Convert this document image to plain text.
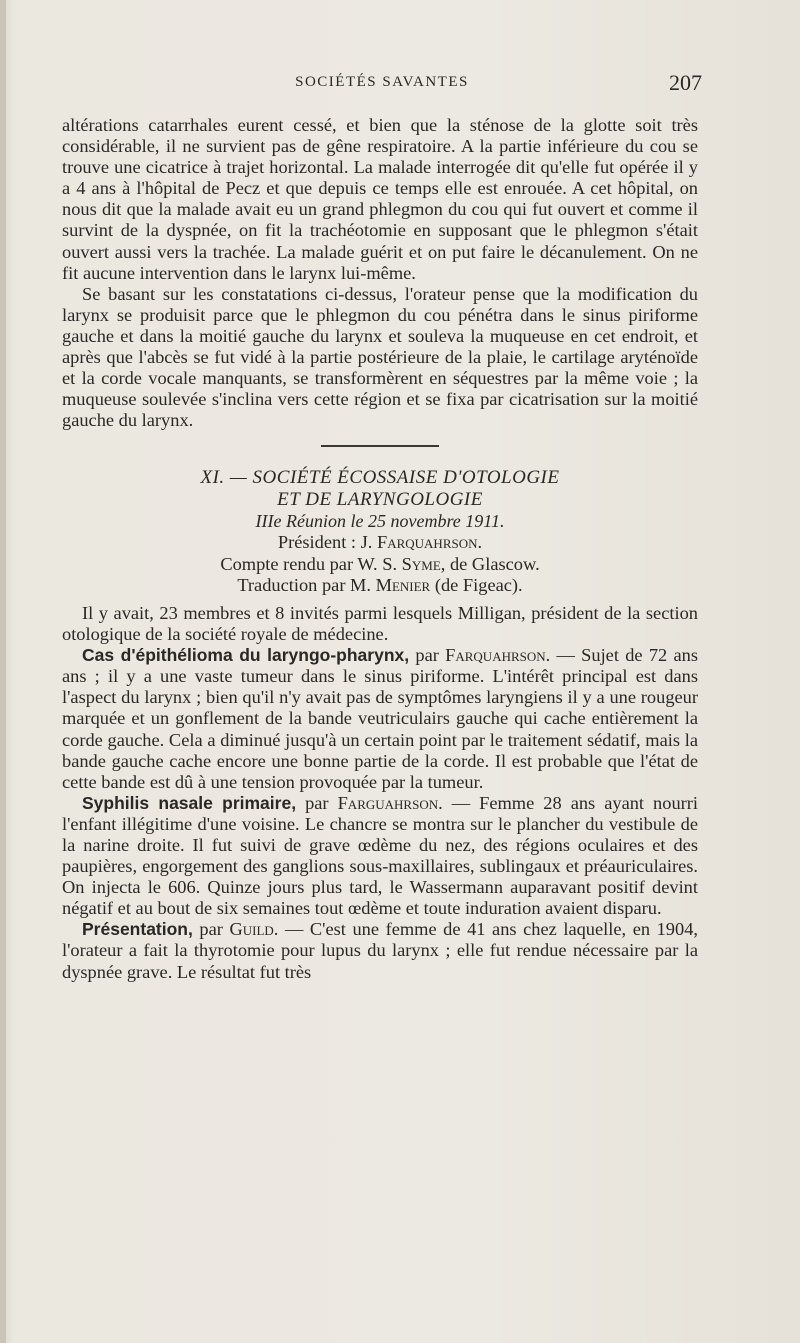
SOCIÉTÉS SAVANTES	207

altérations catarrhales eurent cessé, et bien que la sténose de la glotte soit très considérable, il ne survient pas de gêne respiratoire. A la partie inférieure du cou se trouve une cicatrice à trajet horizontal. La malade interrogée dit qu'elle fut opérée il y a 4 ans à l'hôpital de Pecz et que depuis ce temps elle est enrouée. A cet hôpital, on nous dit que la malade avait eu un grand phlegmon du cou qui fut ouvert et comme il survint de la dyspnée, on fit la trachéotomie en supposant que le phlegmon s'était ouvert aussi vers la trachée. La malade guérit et on put faire le décanulement. On ne fit aucune intervention dans le larynx lui-même.

Se basant sur les constatations ci-dessus, l'orateur pense que la modification du larynx se produisit parce que le phlegmon du cou pénétra dans le sinus piriforme gauche et dans la moitié gauche du larynx et souleva la muqueuse en cet endroit, et après que l'abcès se fut vidé à la partie postérieure de la plaie, le cartilage aryténoïde et la corde vocale manquants, se transformèrent en séquestres par la même voie ; la muqueuse soulevée s'inclina vers cette région et se fixa par cicatrisation sur la moitié gauche du larynx.

XI. — SOCIÉTÉ ÉCOSSAISE D'OTOLOGIE

ET DE LARYNGOLOGIE

IIIe Réunion le 25 novembre 1911.

Président : J. Farquahrson.

Compte rendu par W. S. Syme, de Glascow.

Traduction par M. Menier (de Figeac).

Il y avait, 23 membres et 8 invités parmi lesquels Milligan, président de la section otologique de la société royale de médecine.

Cas d'épithélioma du laryngo-pharynx, par Farquahrson. — Sujet de 72 ans ans ; il y a une vaste tumeur dans le sinus piriforme. L'intérêt principal est dans l'aspect du larynx ; bien qu'il n'y avait pas de symptômes laryngiens il y a une rougeur marquée et un gonflement de la bande veutriculairs gauche qui cache entièrement la corde gauche. Cela a diminué jusqu'à un certain point par le traitement sédatif, mais la bande gauche cache encore une bonne partie de la corde. Il est probable que l'état de cette bande est dû à une tension provoquée par la tumeur.

Syphilis nasale primaire, par Farguahrson. — Femme 28 ans ayant nourri l'enfant illégitime d'une voisine. Le chancre se montra sur le plancher du vestibule de la narine droite. Il fut suivi de grave œdème du nez, des régions oculaires et des paupières, engorgement des ganglions sous-maxillaires, sublingaux et préauriculaires. On injecta le 606. Quinze jours plus tard, le Wassermann auparavant positif devint négatif et au bout de six semaines tout œdème et toute induration avaient disparu.

Présentation, par Guild. — C'est une femme de 41 ans chez laquelle, en 1904, l'orateur a fait la thyrotomie pour lupus du larynx ; elle fut rendue nécessaire par la dyspnée grave. Le résultat fut très
